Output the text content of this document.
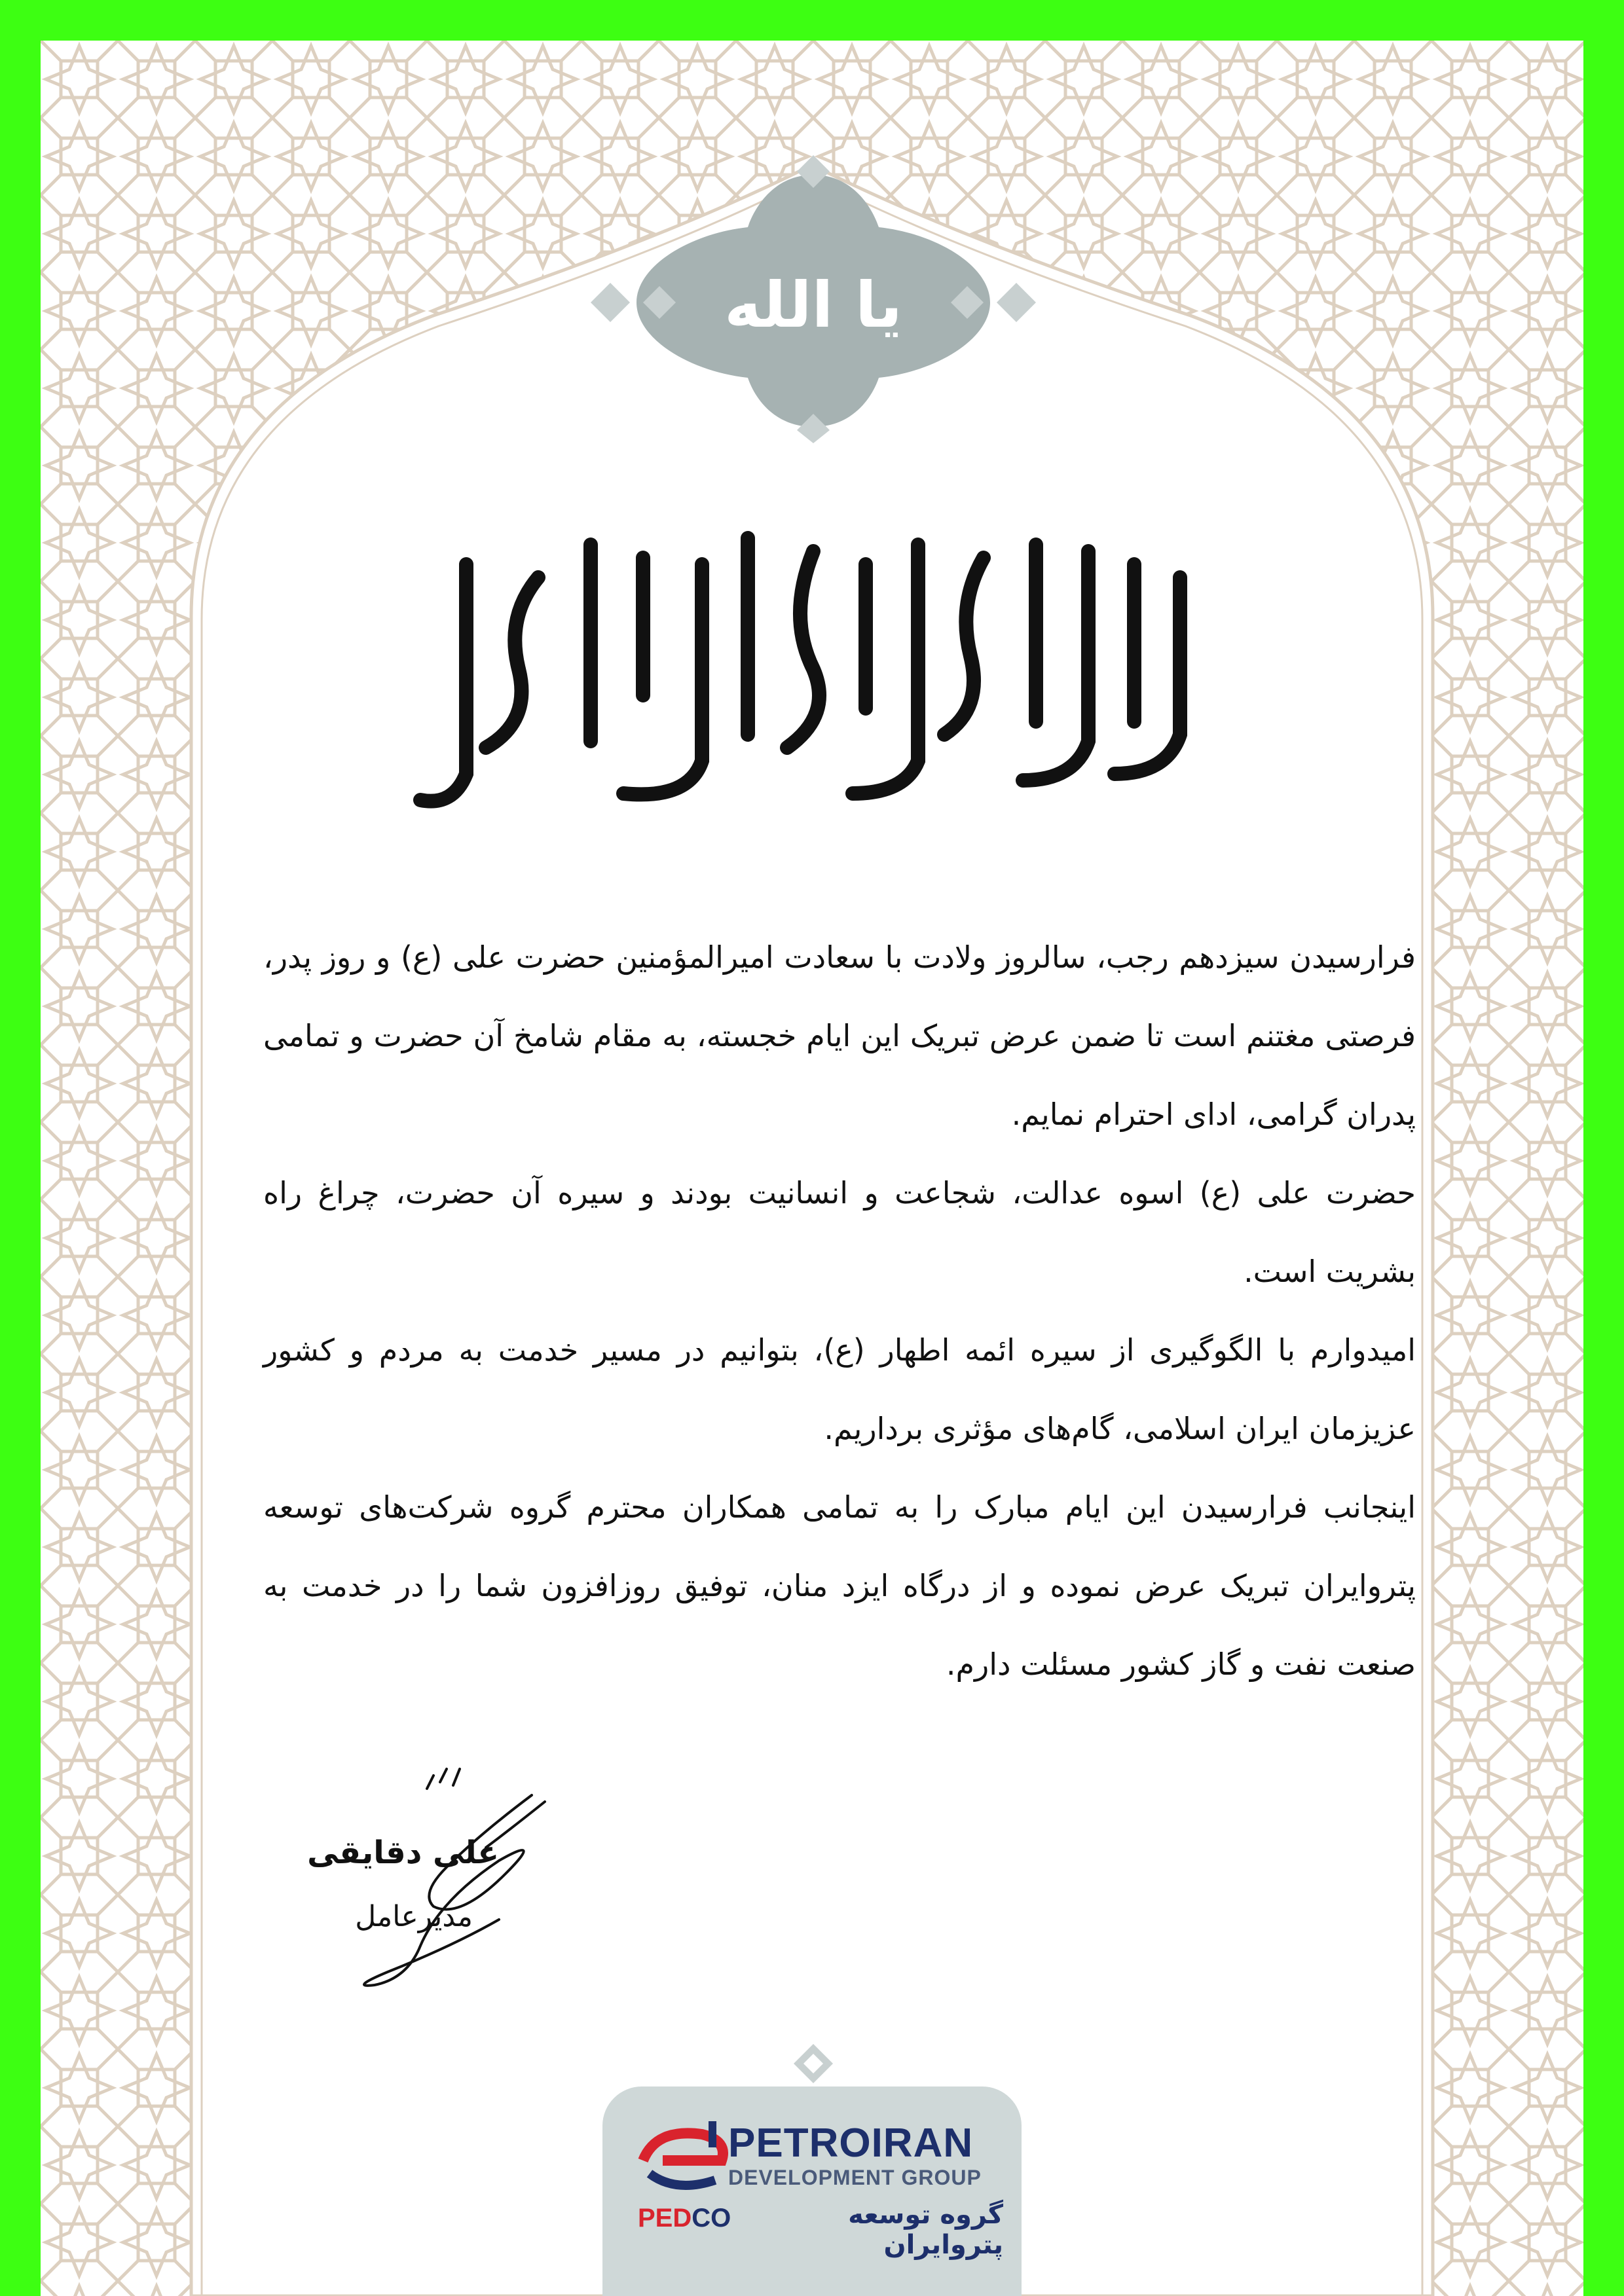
یا الله
یا امیرالمؤمنین یا علی ابن ابیطالب

فرارسیدن سیزدهم رجب، سالروز ولادت با سعادت امیرالمؤمنین حضرت علی (ع) و روز پدر، فرصتی مغتنم است تا ضمن عرض تبریک این ایام خجسته، به مقام شامخ آن حضرت و تمامی پدران گرامی، ادای احترام نمایم.

حضرت علی (ع) اسوه عدالت، شجاعت و انسانیت بودند و سیره آن حضرت، چراغ راه بشریت است.

امیدوارم با الگوگیری از سیره ائمه اطهار (ع)، بتوانیم در مسیر خدمت به مردم و کشور عزیزمان ایران اسلامی، گام‌های مؤثری برداریم.

اینجانب فرارسیدن این ایام مبارک را به تمامی همکاران محترم گروه شرکت‌های توسعه پتروایران تبریک عرض نموده و از درگاه ایزد منان، توفیق روزافزون شما را در خدمت به صنعت نفت و گاز کشور مسئلت دارم.

علی دقایقی
مدیرعامل
PETROIRAN
DEVELOPMENT GROUP
PEDCO	گروه توسعه پتروایران
